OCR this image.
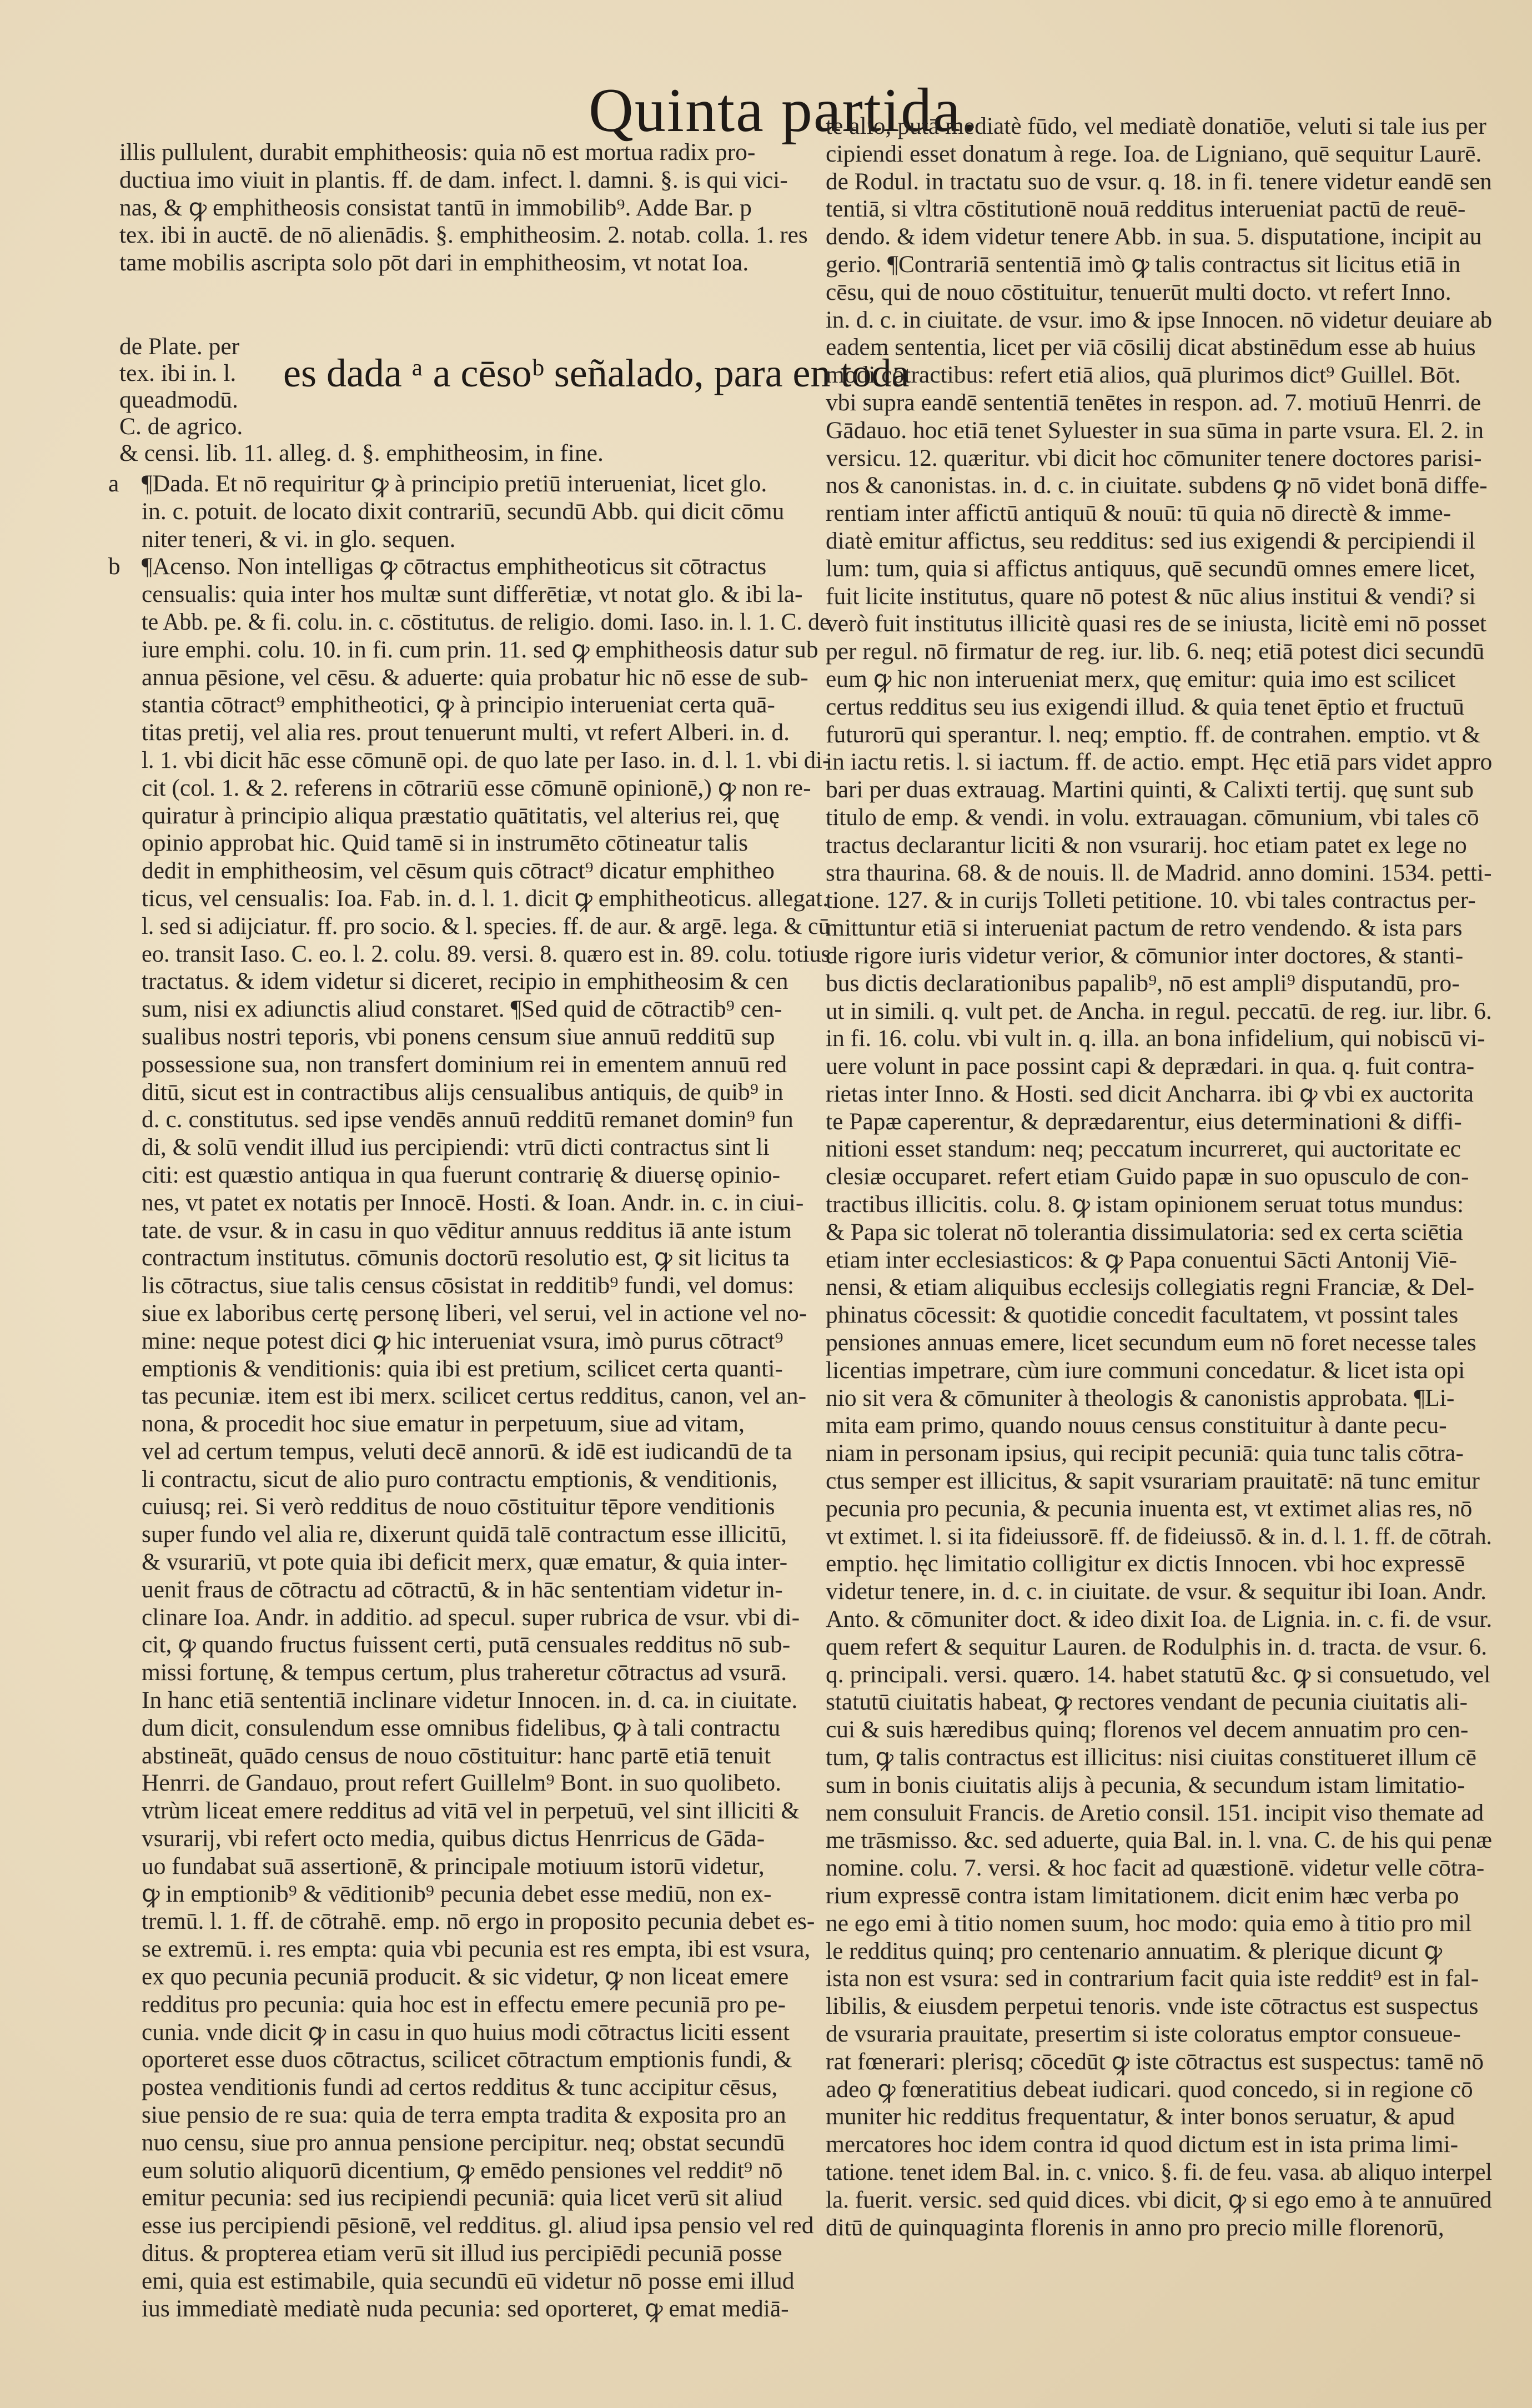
Quinta partida.
illis pullulent, durabit emphitheosis: quia nō est mortua radix pro-
ductiua imo viuit in plantis. ff. de dam. infect. l. damni. §. is qui vici-
nas, & ꝙ emphitheosis consistat tantū in immobilib⁹. Adde Bar. p
tex. ibi in auctē. de nō alienādis. §. emphitheosim. 2. notab. colla. 1. res
tame mobilis ascripta solo pōt dari in emphitheosim, vt notat Ioa.
de Plate. per
tex. ibi in. l.
queadmodū.
C. de agrico.
& censi. lib. 11. alleg. d. §. emphitheosim, in fine.
es dada ᵃ a cēsoᵇ señalado, para en toda
a
b
¶Dada. Et nō requiritur ꝙ à principio pretiū interueniat, licet glo.
in. c. potuit. de locato dixit contrariū, secundū Abb. qui dicit cōmu
niter teneri, & vi. in glo. sequen.
¶Acenso. Non intelligas ꝙ cōtractus emphitheoticus sit cōtractus
censualis: quia inter hos multæ sunt differētiæ, vt notat glo. & ibi la-
te Abb. pe. & fi. colu. in. c. cōstitutus. de religio. domi. Iaso. in. l. 1. C. de
iure emphi. colu. 10. in fi. cum prin. 11. sed ꝙ emphitheosis datur sub
annua pēsione, vel cēsu. & aduerte: quia probatur hic nō esse de sub-
stantia cōtract⁹ emphitheotici, ꝙ à principio interueniat certa quā-
titas pretij, vel alia res. prout tenuerunt multi, vt refert Alberi. in. d.
l. 1. vbi dicit hāc esse cōmunē opi. de quo late per Iaso. in. d. l. 1. vbi di-
cit (col. 1. & 2. referens in cōtrariū esse cōmunē opinionē,) ꝙ non re-
quiratur à principio aliqua præstatio quātitatis, vel alterius rei, quę
opinio approbat hic. Quid tamē si in instrumēto cōtineatur talis
dedit in emphitheosim, vel cēsum quis cōtract⁹ dicatur emphitheo
ticus, vel censualis: Ioa. Fab. in. d. l. 1. dicit ꝙ emphitheoticus. allegat.
l. sed si adijciatur. ff. pro socio. & l. species. ff. de aur. & argē. lega. & cū
eo. transit Iaso. C. eo. l. 2. colu. 89. versi. 8. quæro est in. 89. colu. totius
tractatus. & idem videtur si diceret, recipio in emphitheosim & cen
sum, nisi ex adiunctis aliud constaret. ¶Sed quid de cōtractib⁹ cen-
sualibus nostri teporis, vbi ponens censum siue annuū redditū sup
possessione sua, non transfert dominium rei in ementem annuū red
ditū, sicut est in contractibus alijs censualibus antiquis, de quib⁹ in
d. c. constitutus. sed ipse vendēs annuū redditū remanet domin⁹ fun
di, & solū vendit illud ius percipiendi: vtrū dicti contractus sint li
citi: est quæstio antiqua in qua fuerunt contrarię & diuersę opinio-
nes, vt patet ex notatis per Innocē. Hosti. & Ioan. Andr. in. c. in ciui-
tate. de vsur. & in casu in quo vēditur annuus redditus iā ante istum
contractum institutus. cōmunis doctorū resolutio est, ꝙ sit licitus ta
lis cōtractus, siue talis census cōsistat in redditib⁹ fundi, vel domus:
siue ex laboribus certę personę liberi, vel serui, vel in actione vel no-
mine: neque potest dici ꝙ hic interueniat vsura, imò purus cōtract⁹
emptionis & venditionis: quia ibi est pretium, scilicet certa quanti-
tas pecuniæ. item est ibi merx. scilicet certus redditus, canon, vel an-
nona, & procedit hoc siue ematur in perpetuum, siue ad vitam,
vel ad certum tempus, veluti decē annorū. & idē est iudicandū de ta
li contractu, sicut de alio puro contractu emptionis, & venditionis,
cuiusq; rei. Si verò redditus de nouo cōstituitur tēpore venditionis
super fundo vel alia re, dixerunt quidā talē contractum esse illicitū,
& vsurariū, vt pote quia ibi deficit merx, quæ ematur, & quia inter-
uenit fraus de cōtractu ad cōtractū, & in hāc sententiam videtur in-
clinare Ioa. Andr. in additio. ad specul. super rubrica de vsur. vbi di-
cit, ꝙ quando fructus fuissent certi, putā censuales redditus nō sub-
missi fortunę, & tempus certum, plus traheretur cōtractus ad vsurā.
In hanc etiā sententiā inclinare videtur Innocen. in. d. ca. in ciuitate.
dum dicit, consulendum esse omnibus fidelibus, ꝙ à tali contractu
abstineāt, quādo census de nouo cōstituitur: hanc partē etiā tenuit
Henrri. de Gandauo, prout refert Guillelm⁹ Bont. in suo quolibeto.
vtrùm liceat emere redditus ad vitā vel in perpetuū, vel sint illiciti &
vsurarij, vbi refert octo media, quibus dictus Henrricus de Gāda-
uo fundabat suā assertionē, & principale motiuum istorū videtur,
ꝙ in emptionib⁹ & vēditionib⁹ pecunia debet esse mediū, non ex-
tremū. l. 1. ff. de cōtrahē. emp. nō ergo in proposito pecunia debet es-
se extremū. i. res empta: quia vbi pecunia est res empta, ibi est vsura,
ex quo pecunia pecuniā producit. & sic videtur, ꝙ non liceat emere
redditus pro pecunia: quia hoc est in effectu emere pecuniā pro pe-
cunia. vnde dicit ꝙ in casu in quo huius modi cōtractus liciti essent
oporteret esse duos cōtractus, scilicet cōtractum emptionis fundi, &
postea venditionis fundi ad certos redditus & tunc accipitur cēsus,
siue pensio de re sua: quia de terra empta tradita & exposita pro an
nuo censu, siue pro annua pensione percipitur. neq; obstat secundū
eum solutio aliquorū dicentium, ꝙ emēdo pensiones vel reddit⁹ nō
emitur pecunia: sed ius recipiendi pecuniā: quia licet verū sit aliud
esse ius percipiendi pēsionē, vel redditus. gl. aliud ipsa pensio vel red
ditus. & propterea etiam verū sit illud ius percipiēdi pecuniā posse
emi, quia est estimabile, quia secundū eū videtur nō posse emi illud
ius immediatè mediatè nuda pecunia: sed oporteret, ꝙ emat mediā-
te alio, putā mediatè fūdo, vel mediatè donatiōe, veluti si tale ius per
cipiendi esset donatum à rege. Ioa. de Ligniano, quē sequitur Laurē.
de Rodul. in tractatu suo de vsur. q. 18. in fi. tenere videtur eandē sen
tentiā, si vltra cōstitutionē nouā redditus interueniat pactū de reuē-
dendo. & idem videtur tenere Abb. in sua. 5. disputatione, incipit au
gerio. ¶Contrariā sententiā imò ꝙ talis contractus sit licitus etiā in
cēsu, qui de nouo cōstituitur, tenuerūt multi docto. vt refert Inno.
in. d. c. in ciuitate. de vsur. imo & ipse Innocen. nō videtur deuiare ab
eadem sententia, licet per viā cōsilij dicat abstinēdum esse ab huius
modi cōtractibus: refert etiā alios, quā plurimos dict⁹ Guillel. Bōt.
vbi supra eandē sententiā tenētes in respon. ad. 7. motiuū Henrri. de
Gādauo. hoc etiā tenet Syluester in sua sūma in parte vsura. El. 2. in
versicu. 12. quæritur. vbi dicit hoc cōmuniter tenere doctores parisi-
nos & canonistas. in. d. c. in ciuitate. subdens ꝙ nō videt bonā diffe-
rentiam inter affictū antiquū & nouū: tū quia nō directè & imme-
diatè emitur affictus, seu redditus: sed ius exigendi & percipiendi il
lum: tum, quia si affictus antiquus, quē secundū omnes emere licet,
fuit licite institutus, quare nō potest & nūc alius institui & vendi? si
verò fuit institutus illicitè quasi res de se iniusta, licitè emi nō posset
per regul. nō firmatur de reg. iur. lib. 6. neq; etiā potest dici secundū
eum ꝙ hic non interueniat merx, quę emitur: quia imo est scilicet
certus redditus seu ius exigendi illud. & quia tenet ēptio et fructuū
futurorū qui sperantur. l. neq; emptio. ff. de contrahen. emptio. vt &
in iactu retis. l. si iactum. ff. de actio. empt. Hęc etiā pars videt appro
bari per duas extrauag. Martini quinti, & Calixti tertij. quę sunt sub
titulo de emp. & vendi. in volu. extrauagan. cōmunium, vbi tales cō
tractus declarantur liciti & non vsurarij. hoc etiam patet ex lege no
stra thaurina. 68. & de nouis. ll. de Madrid. anno domini. 1534. petti-
tione. 127. & in curijs Tolleti petitione. 10. vbi tales contractus per-
mittuntur etiā si interueniat pactum de retro vendendo. & ista pars
de rigore iuris videtur verior, & cōmunior inter doctores, & stanti-
bus dictis declarationibus papalib⁹, nō est ampli⁹ disputandū, pro-
ut in simili. q. vult pet. de Ancha. in regul. peccatū. de reg. iur. libr. 6.
in fi. 16. colu. vbi vult in. q. illa. an bona infidelium, qui nobiscū vi-
uere volunt in pace possint capi & deprædari. in qua. q. fuit contra-
rietas inter Inno. & Hosti. sed dicit Ancharra. ibi ꝙ vbi ex auctorita
te Papæ caperentur, & deprædarentur, eius determinationi & diffi-
nitioni esset standum: neq; peccatum incurreret, qui auctoritate ec
clesiæ occuparet. refert etiam Guido papæ in suo opusculo de con-
tractibus illicitis. colu. 8. ꝙ istam opinionem seruat totus mundus:
& Papa sic tolerat nō tolerantia dissimulatoria: sed ex certa sciētia
etiam inter ecclesiasticos: & ꝙ Papa conuentui Sācti Antonij Viē-
nensi, & etiam aliquibus ecclesijs collegiatis regni Franciæ, & Del-
phinatus cōcessit: & quotidie concedit facultatem, vt possint tales
pensiones annuas emere, licet secundum eum nō foret necesse tales
licentias impetrare, cùm iure communi concedatur. & licet ista opi
nio sit vera & cōmuniter à theologis & canonistis approbata. ¶Li-
mita eam primo, quando nouus census constituitur à dante pecu-
niam in personam ipsius, qui recipit pecuniā: quia tunc talis cōtra-
ctus semper est illicitus, & sapit vsurariam prauitatē: nā tunc emitur
pecunia pro pecunia, & pecunia inuenta est, vt extimet alias res, nō
vt extimet. l. si ita fideiussorē. ff. de fideiussō. & in. d. l. 1. ff. de cōtrah.
emptio. hęc limitatio colligitur ex dictis Innocen. vbi hoc expressē
videtur tenere, in. d. c. in ciuitate. de vsur. & sequitur ibi Ioan. Andr.
Anto. & cōmuniter doct. & ideo dixit Ioa. de Lignia. in. c. fi. de vsur.
quem refert & sequitur Lauren. de Rodulphis in. d. tracta. de vsur. 6.
q. principali. versi. quæro. 14. habet statutū &c. ꝙ si consuetudo, vel
statutū ciuitatis habeat, ꝙ rectores vendant de pecunia ciuitatis ali-
cui & suis hæredibus quinq; florenos vel decem annuatim pro cen-
tum, ꝙ talis contractus est illicitus: nisi ciuitas constitueret illum cē
sum in bonis ciuitatis alijs à pecunia, & secundum istam limitatio-
nem consuluit Francis. de Aretio consil. 151. incipit viso themate ad
me trāsmisso. &c. sed aduerte, quia Bal. in. l. vna. C. de his qui penæ
nomine. colu. 7. versi. & hoc facit ad quæstionē. videtur velle cōtra-
rium expressē contra istam limitationem. dicit enim hæc verba po
ne ego emi à titio nomen suum, hoc modo: quia emo à titio pro mil
le redditus quinq; pro centenario annuatim. & plerique dicunt ꝙ
ista non est vsura: sed in contrarium facit quia iste reddit⁹ est in fal-
libilis, & eiusdem perpetui tenoris. vnde iste cōtractus est suspectus
de vsuraria prauitate, presertim si iste coloratus emptor consueue-
rat fœnerari: plerisq; cōcedūt ꝙ iste cōtractus est suspectus: tamē nō
adeo ꝙ fœneratitius debeat iudicari. quod concedo, si in regione cō
muniter hic redditus frequentatur, & inter bonos seruatur, & apud
mercatores hoc idem contra id quod dictum est in ista prima limi-
tatione. tenet idem Bal. in. c. vnico. §. fi. de feu. vasa. ab aliquo interpel
la. fuerit. versic. sed quid dices. vbi dicit, ꝙ si ego emo à te annuūred
ditū de quinquaginta florenis in anno pro precio mille florenorū,
